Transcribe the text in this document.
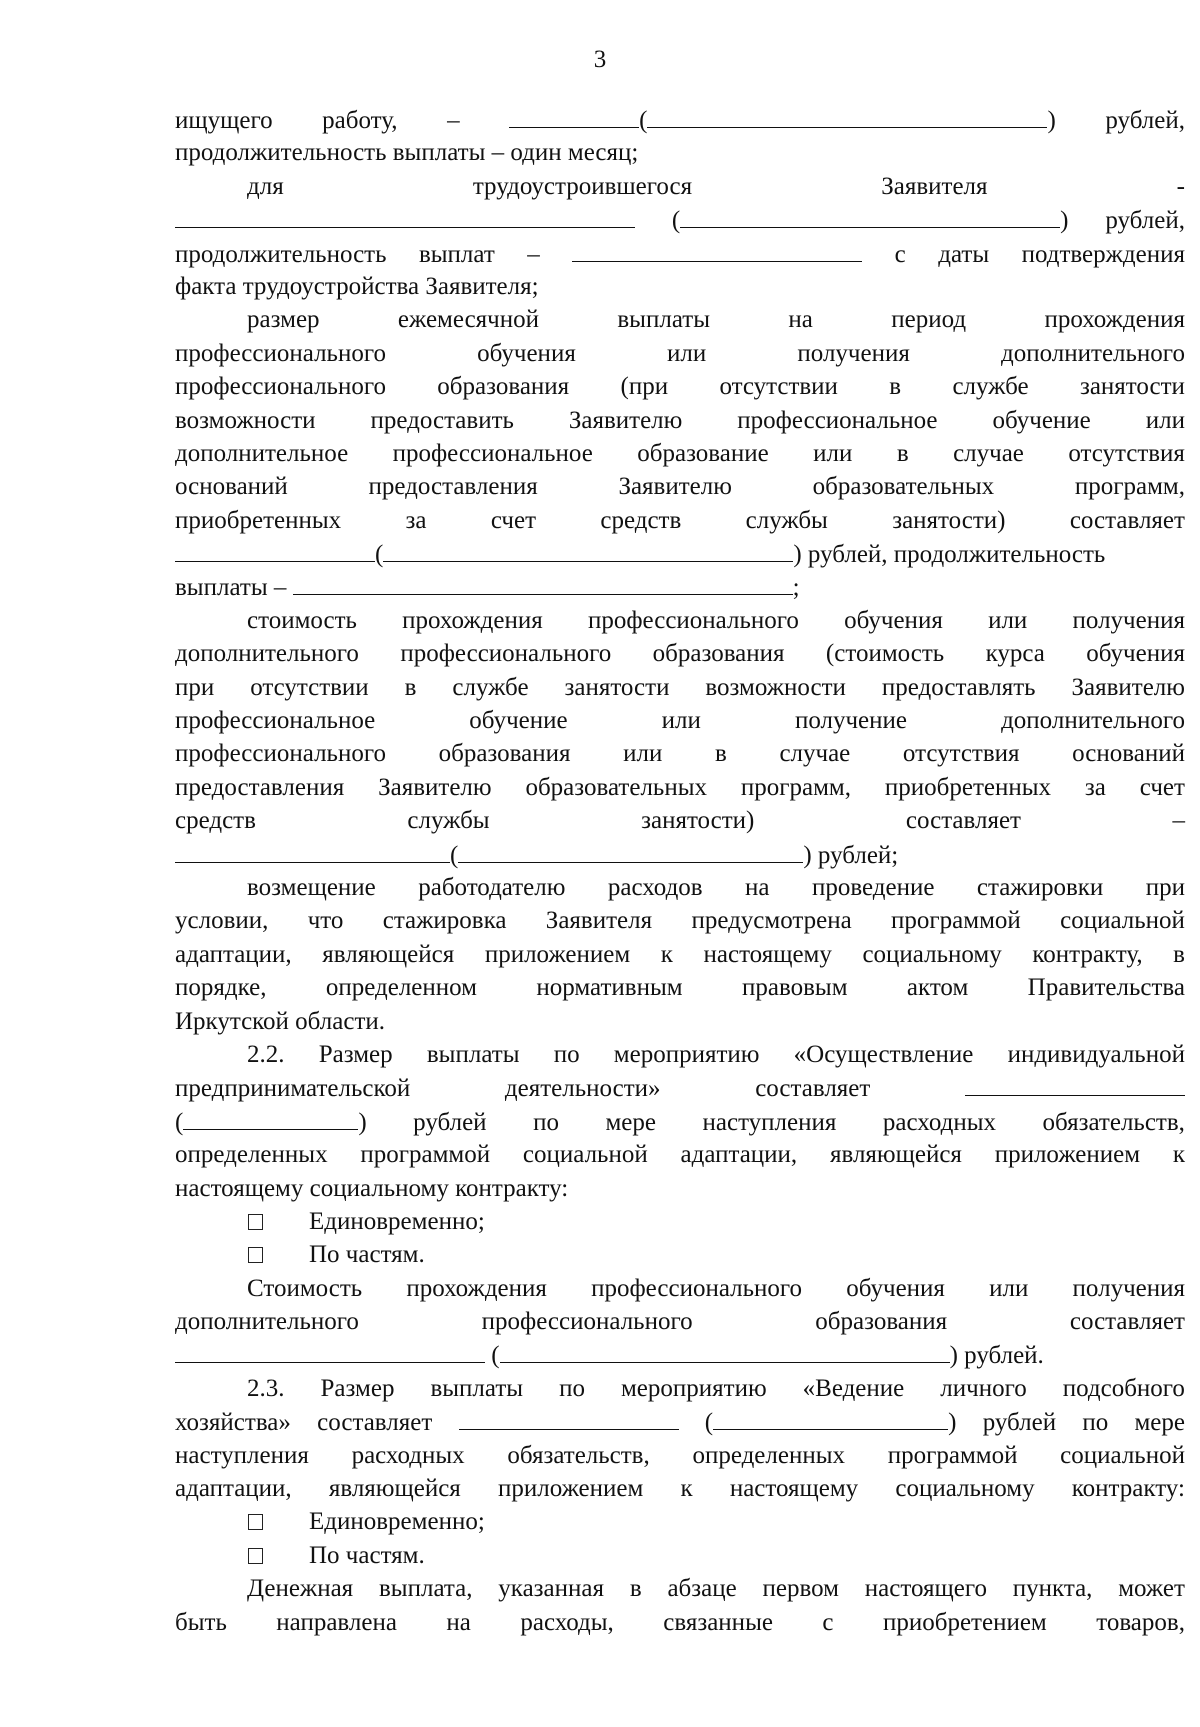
3
ищущего работу, –	(	) рублей,
продолжительность выплаты – один месяц;
для	трудоустроившегося	Заявителя	-
(	) рублей,
продолжительность выплат –	с даты подтверждения
факта трудоустройства Заявителя;
размер	ежемесячной	выплаты	на	период	прохождения
профессионального	обучения	или	получения	дополнительного
профессионального образования (при отсутствии в службе занятости
возможности предоставить Заявителю профессиональное обучение или
дополнительное профессиональное образование или в случае отсутствия
оснований	предоставления	Заявителю	образовательных	программ,
приобретенных	за	счет	средств	службы	занятости)	составляет
(	) рублей, продолжительность
выплаты –	;
стоимость прохождения профессионального обучения или получения
дополнительного профессионального образования (стоимость курса обучения
при отсутствии в службе занятости возможности предоставлять Заявителю
профессиональное	обучение	или	получение	дополнительного
профессионального образования или в случае отсутствия оснований
предоставления Заявителю образовательных программ, приобретенных за счет
средств	службы	занятости)	составляет	–
(	) рублей;
возмещение работодателю расходов на проведение стажировки при
условии, что стажировка Заявителя предусмотрена программой социальной
адаптации, являющейся приложением к настоящему социальному контракту, в
порядке, определенном нормативным правовым актом Правительства
Иркутской области.
2.2. Размер выплаты по мероприятию «Осуществление индивидуальной
предпринимательской	деятельности»	составляет
(	) рублей по мере наступления расходных обязательств,
определенных программой социальной адаптации, являющейся приложением к
настоящему социальному контракту:
Единовременно;
По частям.
Стоимость прохождения профессионального обучения или получения
дополнительного	профессионального	образования	составляет
(	) рублей.
2.3. Размер выплаты по мероприятию «Ведение личного подсобного
хозяйства» составляет	(	) рублей по мере
наступления расходных обязательств, определенных программой социальной
адаптации, являющейся приложением к настоящему социальному контракту:
Единовременно;
По частям.
Денежная выплата, указанная в абзаце первом настоящего пункта, может
быть направлена на расходы, связанные с приобретением товаров,
